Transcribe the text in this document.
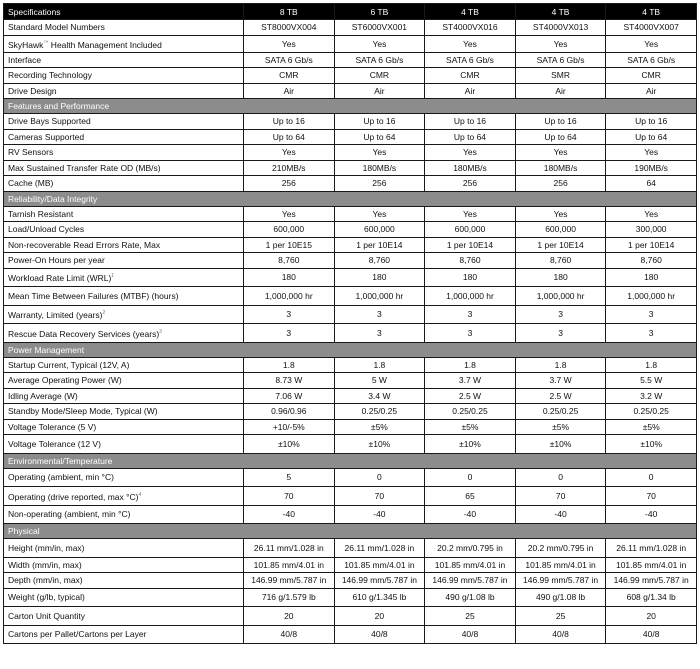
Specifications	8 TB	6 TB	4 TB	4 TB	4 TB
Standard Model Numbers	ST8000VX004	ST6000VX001	ST4000VX016	ST4000VX013	ST4000VX007
SkyHawk™ Health Management Included	Yes	Yes	Yes	Yes	Yes
Interface	SATA 6 Gb/s	SATA 6 Gb/s	SATA 6 Gb/s	SATA 6 Gb/s	SATA 6 Gb/s
Recording Technology	CMR	CMR	CMR	SMR	CMR
Drive Design	Air	Air	Air	Air	Air
Features and Performance					
Drive Bays Supported	Up to 16	Up to 16	Up to 16	Up to 16	Up to 16
Cameras Supported	Up to 64	Up to 64	Up to 64	Up to 64	Up to 64
RV Sensors	Yes	Yes	Yes	Yes	Yes
Max Sustained Transfer Rate OD (MB/s)	210MB/s	180MB/s	180MB/s	180MB/s	190MB/s
Cache (MB)	256	256	256	256	64
Reliability/Data Integrity					
Tarnish Resistant	Yes	Yes	Yes	Yes	Yes
Load/Unload Cycles	600,000	600,000	600,000	600,000	300,000
Non-recoverable Read Errors Rate, Max	1 per 10E15	1 per 10E14	1 per 10E14	1 per 10E14	1 per 10E14
Power-On Hours per year	8,760	8,760	8,760	8,760	8,760
Workload Rate Limit (WRL)$^1$	180	180	180	180	180
Mean Time Between Failures (MTBF) (hours)	1,000,000 hr	1,000,000 hr	1,000,000 hr	1,000,000 hr	1,000,000 hr
Warranty, Limited (years)$^2$	3	3	3	3	3
Rescue Data Recovery Services (years)$^3$	3	3	3	3	3
Power Management					
Startup Current, Typical (12V, A)	1.8	1.8	1.8	1.8	1.8
Average Operating Power (W)	8.73 W	5 W	3.7 W	3.7 W	5.5 W
Idling Average (W)	7.06 W	3.4 W	2.5 W	2.5 W	3.2 W
Standby Mode/Sleep Mode, Typical (W)	0.96/0.96	0.25/0.25	0.25/0.25	0.25/0.25	0.25/0.25
Voltage Tolerance (5 V)	+10/-5%	±5%	±5%	±5%	±5%
Voltage Tolerance (12 V)	±10%	±10%	±10%	±10%	±10%
Environmental/Temperature					
Operating (ambient, min °C)	5	0	0	0	0
Operating (drive reported, max °C)$^4$	70	70	65	70	70
Non-operating (ambient, min °C)	-40	-40	-40	-40	-40
Physical					
Height (mm/in, max)	26.11 mm/1.028 in	26.11 mm/1.028 in	20.2 mm/0.795 in	20.2 mm/0.795 in	26.11 mm/1.028 in
Width (mm/in, max)	101.85 mm/4.01 in	101.85 mm/4.01 in	101.85 mm/4.01 in	101.85 mm/4.01 in	101.85 mm/4.01 in
Depth (mm/in, max)	146.99 mm/5.787 in	146.99 mm/5.787 in	146.99 mm/5.787 in	146.99 mm/5.787 in	146.99 mm/5.787 in
Weight (g/lb, typical)	716 g/1.579 lb	610 g/1.345 lb	490 g/1.08 lb	490 g/1.08 lb	608 g/1.34 lb
Carton Unit Quantity	20	20	25	25	20
Cartons per Pallet/Cartons per Layer	40/8	40/8	40/8	40/8	40/8
